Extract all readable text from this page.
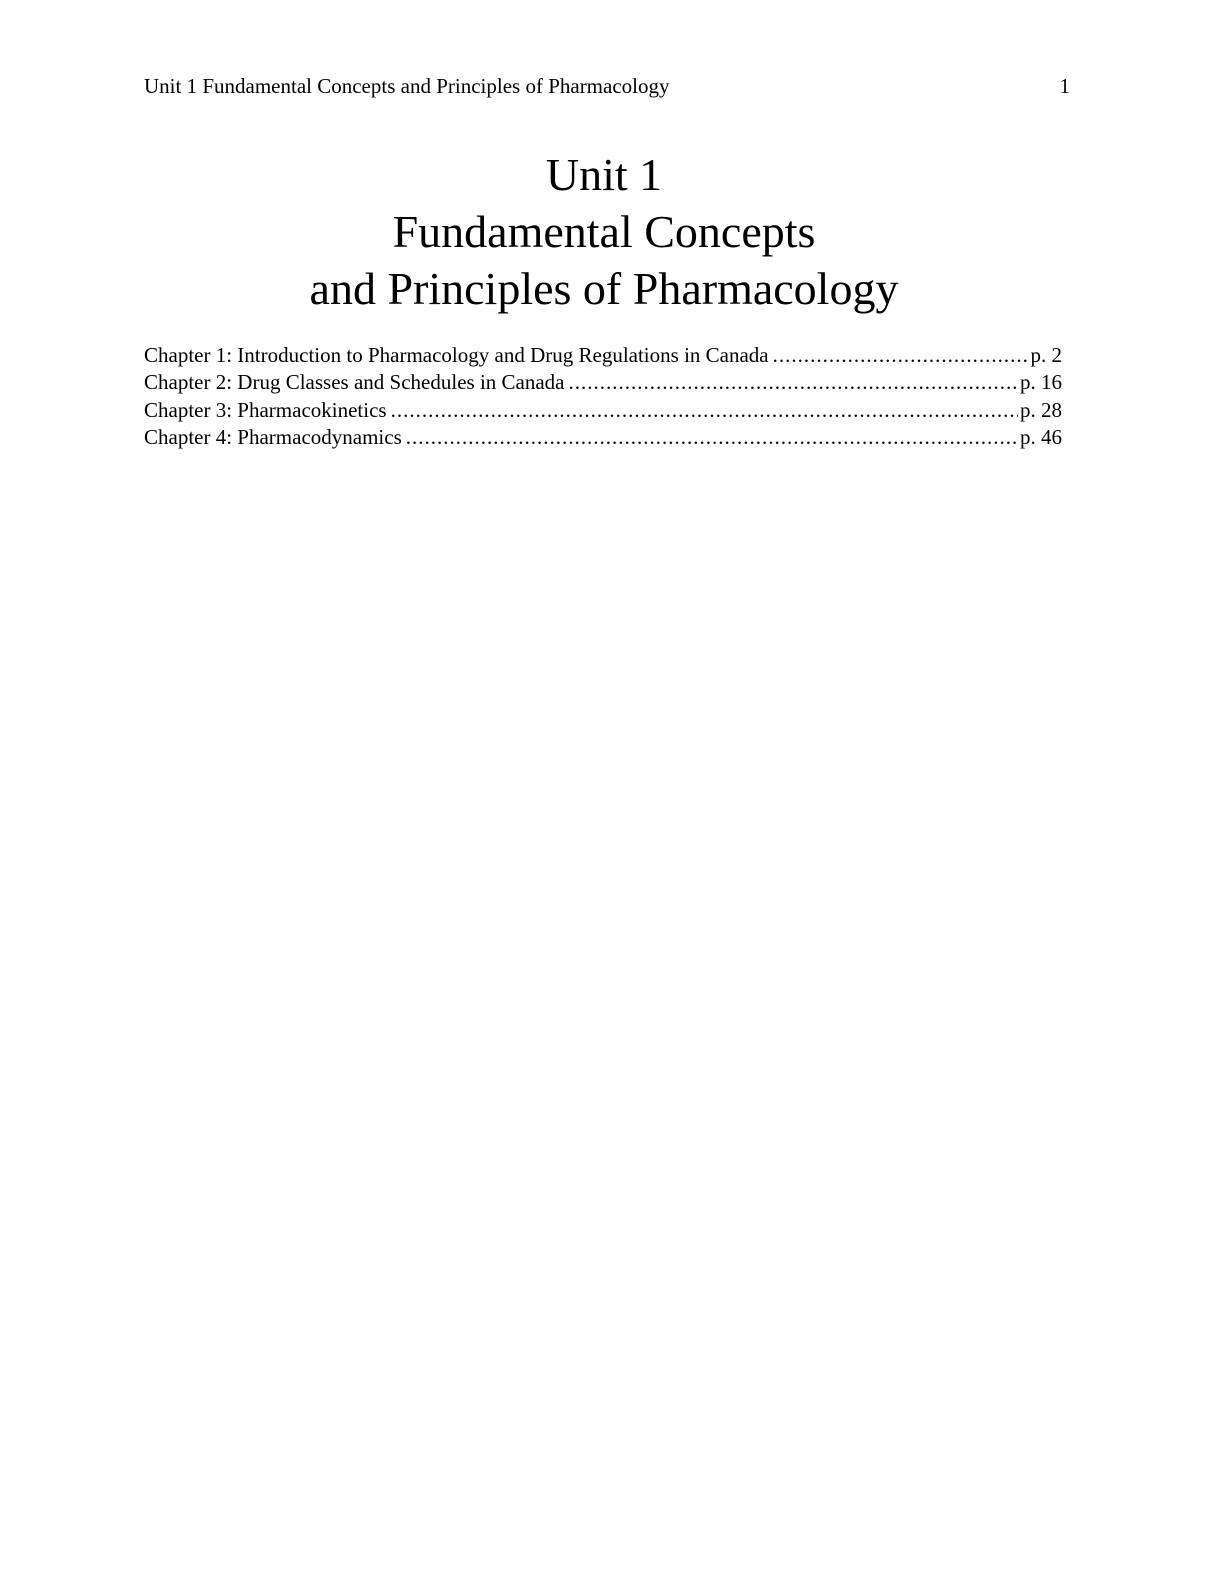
Unit 1 Fundamental Concepts and Principles of Pharmacology	1
Unit 1
Fundamental Concepts
and Principles of Pharmacology
Chapter 1: Introduction to Pharmacology and Drug Regulations in Canada .....	p. 2
Chapter 2: Drug Classes and Schedules in Canada .....	p. 16
Chapter 3: Pharmacokinetics .....	p. 28
Chapter 4: Pharmacodynamics .....	p. 46
